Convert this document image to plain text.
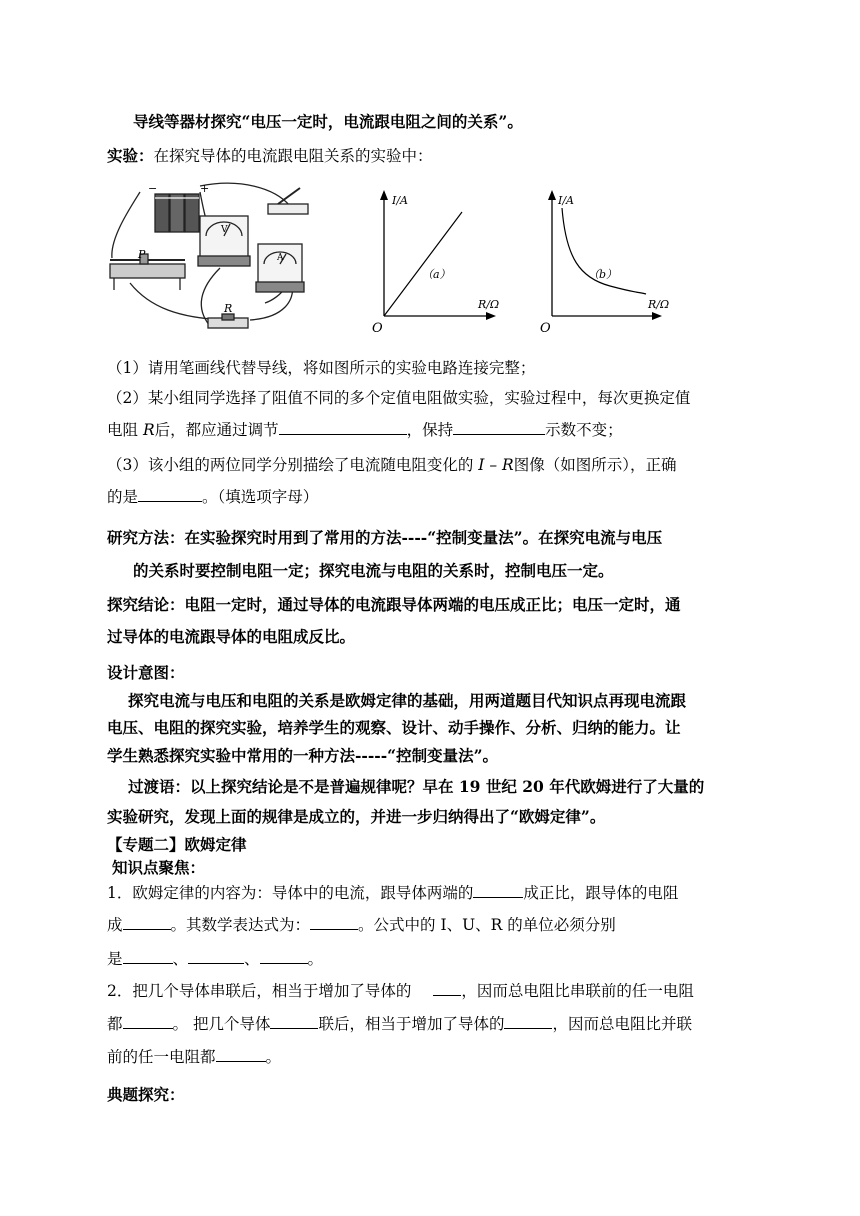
导线等器材探究“电压一定时，电流跟电阻之间的关系”。
实验：在探究导体的电流跟电阻关系的实验中：
P
R
−	+
V
A
I/A
R/Ω
O
（a）
I/A
R/Ω
O
（b）
（1）请用笔画线代替导线，将如图所示的实验电路连接完整；
（2）某小组同学选择了阻值不同的多个定值电阻做实验，实验过程中，每次更换定值
电阻 R后，都应通过调节	，保持	示数不变；
（3）该小组的两位同学分别描绘了电流随电阻变化的 I – R图像（如图所示），正确
的是	。（填选项字母）
研究方法：在实验探究时用到了常用的方法----“控制变量法”。在探究电流与电压
的关系时要控制电阻一定；探究电流与电阻的关系时，控制电压一定。
探究结论：电阻一定时，通过导体的电流跟导体两端的电压成正比；电压一定时，通
过导体的电流跟导体的电阻成反比。
设计意图：
探究电流与电压和电阻的关系是欧姆定律的基础，用两道题目代知识点再现电流跟
电压、电阻的探究实验，培养学生的观察、设计、动手操作、分析、归纳的能力。让
学生熟悉探究实验中常用的一种方法-----“控制变量法”。
过渡语：以上探究结论是不是普遍规律呢？早在 19 世纪 20 年代欧姆进行了大量的
实验研究，发现上面的规律是成立的，并进一步归纳得出了“欧姆定律”。
【专题二】欧姆定律
知识点聚焦：
1．欧姆定律的内容为：导体中的电流，跟导体两端的	成正比，跟导体的电阻
成	。其数学表达式为：	。公式中的 I、U、R 的单位必须分别
是	、	、	。
2．把几个导体串联后，相当于增加了导体的	，因而总电阻比串联前的任一电阻
都	。 把几个导体	联后，相当于增加了导体的	，因而总电阻比并联
前的任一电阻都	。
典题探究：
